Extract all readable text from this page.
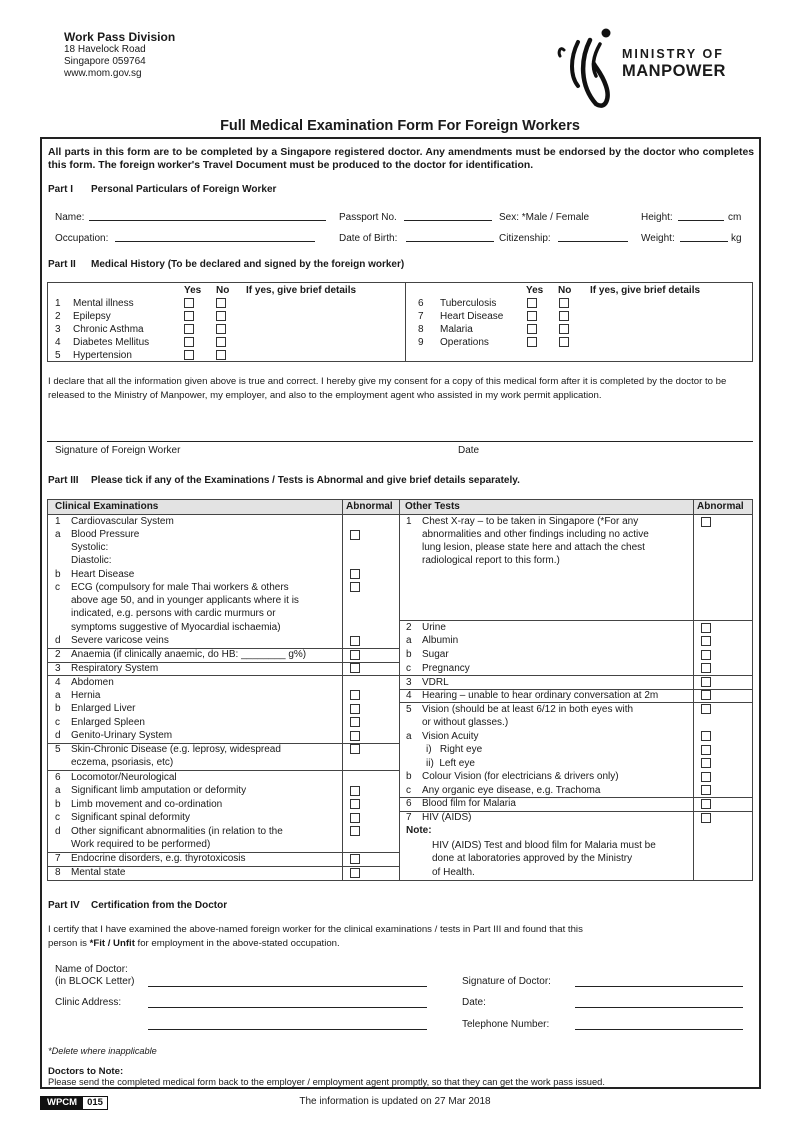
Work Pass Division
18 Havelock Road
Singapore 059764
www.mom.gov.sg
MINISTRY OF
MANPOWER
Full Medical Examination Form For Foreign Workers
All parts in this form are to be completed by a Singapore registered doctor. Any amendments must be endorsed by the doctor who completes this form. The foreign worker's Travel Document must be produced to the doctor for identification.
Part I Personal Particulars of Foreign Worker
Name:	Passport No.	Sex: *Male / Female	Height:	cm
Occupation:	Date of Birth:	Citizenship:	Weight:	kg
Part II Medical History (To be declared and signed by the foreign worker)
Yes No If yes, give brief details	Yes No If yes, give brief details
1 Mental illness
2 Epilepsy
3 Chronic Asthma
4 Diabetes Mellitus
5 Hypertension
6 Tuberculosis
7 Heart Disease
8 Malaria
9 Operations
I declare that all the information given above is true and correct. I hereby give my consent for a copy of this medical form after it is completed by the doctor to be released to the Ministry of Manpower, my employer, and also to the employment agent who assisted in my work permit application.
Signature of Foreign Worker	Date
Part III Please tick if any of the Examinations / Tests is Abnormal and give brief details separately.
Clinical Examinations	Abnormal Other Tests	Abnormal
1 Cardiovascular System
a Blood Pressure
Systolic:
Diastolic:
b Heart Disease
c ECG (compulsory for male Thai workers & others
above age 50, and in younger applicants where it is
indicated, e.g. persons with cardic murmurs or
symptoms suggestive of Myocardial ischaemia)
d Severe varicose veins
2 Anaemia (if clinically anaemic, do HB: ________ g%)
3 Respiratory System
4 Abdomen
a Hernia
b Enlarged Liver
c Enlarged Spleen
d Genito-Urinary System
5 Skin-Chronic Disease (e.g. leprosy, widespread
eczema, psoriasis, etc)
6 Locomotor/Neurological
a Significant limb amputation or deformity
b Limb movement and co-ordination
c Significant spinal deformity
d Other significant abnormalities (in relation to the
Work required to be performed)
7 Endocrine disorders, e.g. thyrotoxicosis
8 Mental state
1 Chest X-ray – to be taken in Singapore (*For any
abnormalities and other findings including no active
lung lesion, please state here and attach the chest
radiological report to this form.)
2 Urine
a Albumin
b Sugar
c Pregnancy
3 VDRL
4 Hearing – unable to hear ordinary conversation at 2m
5 Vision (should be at least 6/12 in both eyes with
or without glasses.)
a Vision Acuity
i)   Right eye
ii)  Left eye
b Colour Vision (for electricians & drivers only)
c Any organic eye disease, e.g. Trachoma
6 Blood film for Malaria
7 HIV (AIDS)
Note:
HIV (AIDS) Test and blood film for Malaria must be
done at laboratories approved by the Ministry
of Health.
Part IV Certification from the Doctor
I certify that I have examined the above-named foreign worker for the clinical examinations / tests in Part III and found that this person is *Fit / Unfit for employment in the above-stated occupation.
Name of Doctor:
(in BLOCK Letter)	Signature of Doctor:
Clinic Address:	Date:
Telephone Number:
*Delete where inapplicable
Doctors to Note:
Please send the completed medical form back to the employer / employment agent promptly, so that they can get the work pass issued.
WPCM	015	The information is updated on 27 Mar 2018
